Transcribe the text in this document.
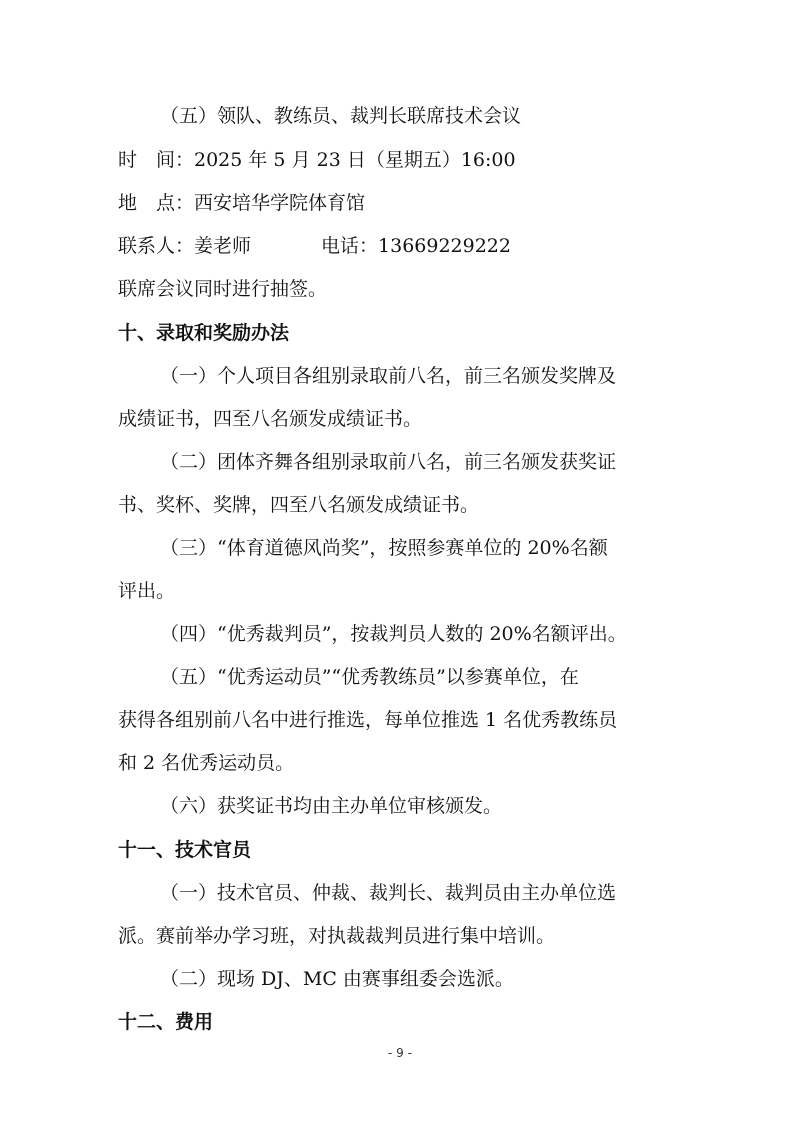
（五）领队、教练员、裁判长联席技术会议
时　间：2025 年 5 月 23 日（星期五）16:00
地　点：西安培华学院体育馆
联系人：姜老师	电话：13669229222
联席会议同时进行抽签。
十、录取和奖励办法
（一）个人项目各组别录取前八名，前三名颁发奖牌及
成绩证书，四至八名颁发成绩证书。
（二）团体齐舞各组别录取前八名，前三名颁发获奖证
书、奖杯、奖牌，四至八名颁发成绩证书。
（三）“体育道德风尚奖”，按照参赛单位的 20%名额
评出。
（四）“优秀裁判员”，按裁判员人数的 20%名额评出。
（五）“优秀运动员”“优秀教练员”以参赛单位，在
获得各组别前八名中进行推选，每单位推选 1 名优秀教练员
和 2 名优秀运动员。
（六）获奖证书均由主办单位审核颁发。
十一、技术官员
（一）技术官员、仲裁、裁判长、裁判员由主办单位选
派。赛前举办学习班，对执裁裁判员进行集中培训。
（二）现场 DJ、MC 由赛事组委会选派。
十二、费用
- 9 -
